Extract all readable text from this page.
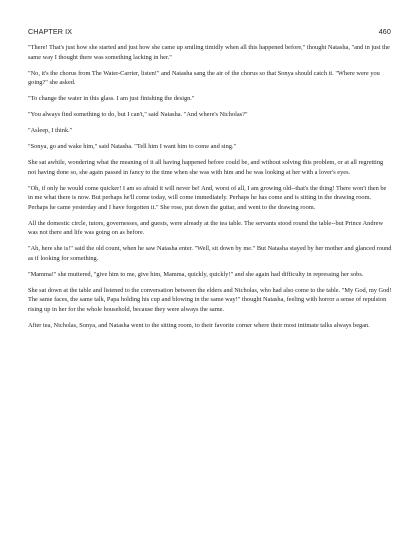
CHAPTER IX	460

"There! That's just how she started and just how she came up smiling timidly when all this happened before," thought Natasha, "and in just the same way I thought there was something lacking in her."

"No, it's the chorus from The Water-Carrier, listen!" and Natasha sang the air of the chorus so that Sonya should catch it. "Where were you going?" she asked.

"To change the water in this glass. I am just finishing the design."

"You always find something to do, but I can't," said Natasha. "And where's Nicholas?"

"Asleep, I think."

"Sonya, go and wake him," said Natasha. "Tell him I want him to come and sing."

She sat awhile, wondering what the meaning of it all having happened before could be, and without solving this problem, or at all regretting not having done so, she again passed in fancy to the time when she was with him and he was looking at her with a lover's eyes.

"Oh, if only he would come quicker! I am so afraid it will never be! And, worst of all, I am growing old--that's the thing! There won't then be in me what there is now. But perhaps he'll come today, will come immediately. Perhaps he has come and is sitting in the drawing room. Perhaps he came yesterday and I have forgotten it." She rose, put down the guitar, and went to the drawing room.

All the domestic circle, tutors, governesses, and guests, were already at the tea table. The servants stood round the table--but Prince Andrew was not there and life was going on as before.

"Ah, here she is!" said the old count, when he saw Natasha enter. "Well, sit down by me." But Natasha stayed by her mother and glanced round as if looking for something.

"Mamma!" she muttered, "give him to me, give him, Mamma, quickly, quickly!" and she again had difficulty in repressing her sobs.

She sat down at the table and listened to the conversation between the elders and Nicholas, who had also come to the table. "My God, my God! The same faces, the same talk, Papa holding his cup and blowing in the same way!" thought Natasha, feeling with horror a sense of repulsion rising up in her for the whole household, because they were always the same.

After tea, Nicholas, Sonya, and Natasha went to the sitting room, to their favorite corner where their most intimate talks always began.
